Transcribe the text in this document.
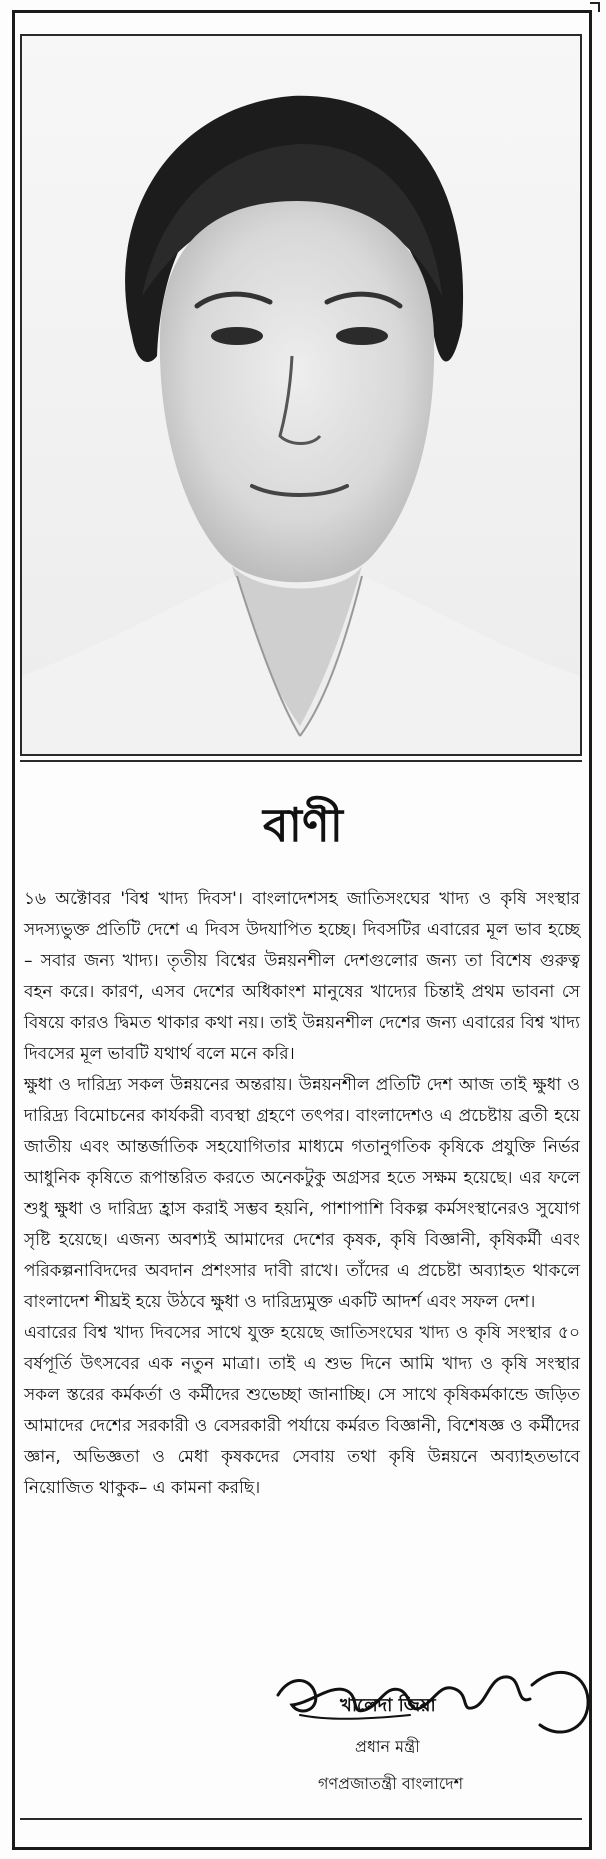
বাণী

১৬ অক্টোবর 'বিশ্ব খাদ্য দিবস'। বাংলাদেশসহ জাতিসংঘের খাদ্য ও কৃষি সংস্থার সদস্যভুক্ত প্রতিটি দেশে এ দিবস উদযাপিত হচ্ছে। দিবসটির এবারের মূল ভাব হচ্ছে – সবার জন্য খাদ্য। তৃতীয় বিশ্বের উন্নয়নশীল দেশগুলোর জন্য তা বিশেষ গুরুত্ব বহন করে। কারণ, এসব দেশের অধিকাংশ মানুষের খাদ্যের চিন্তাই প্রথম ভাবনা সে বিষয়ে কারও দ্বিমত থাকার কথা নয়। তাই উন্নয়নশীল দেশের জন্য এবারের বিশ্ব খাদ্য দিবসের মূল ভাবটি যথার্থ বলে মনে করি।

ক্ষুধা ও দারিদ্র্য সকল উন্নয়নের অন্তরায়। উন্নয়নশীল প্রতিটি দেশ আজ তাই ক্ষুধা ও দারিদ্র্য বিমোচনের কার্যকরী ব্যবস্থা গ্রহণে তৎপর। বাংলাদেশও এ প্রচেষ্টায় ব্রতী হয়ে জাতীয় এবং আন্তর্জাতিক সহযোগিতার মাধ্যমে গতানুগতিক কৃষিকে প্রযুক্তি নির্ভর আধুনিক কৃষিতে রূপান্তরিত করতে অনেকটুকু অগ্রসর হতে সক্ষম হয়েছে। এর ফলে শুধু ক্ষুধা ও দারিদ্র্য হ্রাস করাই সম্ভব হয়নি, পাশাপাশি বিকল্প কর্মসংস্থানেরও সুযোগ সৃষ্টি হয়েছে। এজন্য অবশ্যই আমাদের দেশের কৃষক, কৃষি বিজ্ঞানী, কৃষিকর্মী এবং পরিকল্পনাবিদদের অবদান প্রশংসার দাবী রাখে। তাঁদের এ প্রচেষ্টা অব্যাহত থাকলে বাংলাদেশ শীঘ্রই হয়ে উঠবে ক্ষুধা ও দারিদ্র্যমুক্ত একটি আদর্শ এবং সফল দেশ।

এবারের বিশ্ব খাদ্য দিবসের সাথে যুক্ত হয়েছে জাতিসংঘের খাদ্য ও কৃষি সংস্থার ৫০ বর্ষপূর্তি উৎসবের এক নতুন মাত্রা। তাই এ শুভ দিনে আমি খাদ্য ও কৃষি সংস্থার সকল স্তরের কর্মকর্তা ও কর্মীদের শুভেচ্ছা জানাচ্ছি। সে সাথে কৃষিকর্মকান্ডে জড়িত আমাদের দেশের সরকারী ও বেসরকারী পর্যায়ে কর্মরত বিজ্ঞানী, বিশেষজ্ঞ ও কর্মীদের জ্ঞান, অভিজ্ঞতা ও মেধা কৃষকদের সেবায় তথা কৃষি উন্নয়নে অব্যাহতভাবে নিয়োজিত থাকুক– এ কামনা করছি।

খালেদা জিয়া
প্রধান মন্ত্রী
গণপ্রজাতন্ত্রী বাংলাদেশ
